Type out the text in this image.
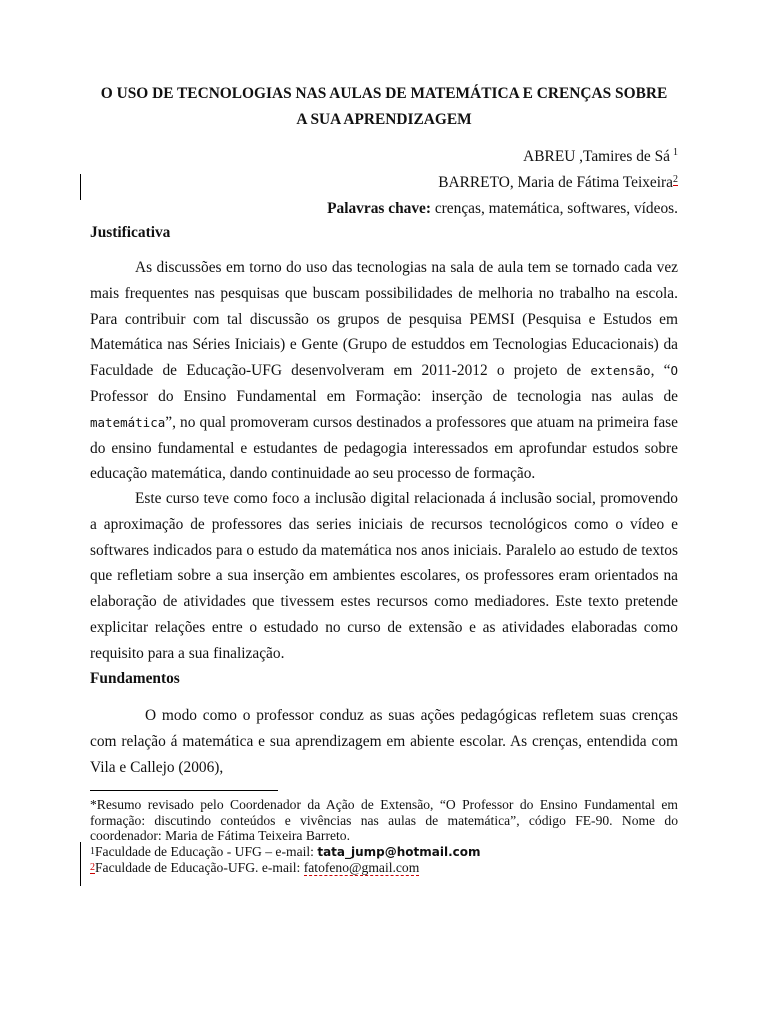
O USO DE TECNOLOGIAS NAS AULAS DE MATEMÁTICA E CRENÇAS SOBRE
A SUA APRENDIZAGEM
ABREU ,Tamires de Sá $^1$
BARRETO, Maria de Fátima Teixeira$^2$
Palavras chave: crenças, matemática, softwares, vídeos.
Justificativa

As discussões em torno do uso das tecnologias na sala de aula tem se tornado cada vez mais frequentes nas pesquisas que buscam possibilidades de melhoria no trabalho na escola. Para contribuir com tal discussão os grupos de pesquisa PEMSI (Pesquisa e Estudos em Matemática nas Séries Iniciais) e Gente (Grupo de estuddos em Tecnologias Educacionais) da Faculdade de Educação-UFG desenvolveram em 2011-2012 o projeto de extensão, “O Professor do Ensino Fundamental em Formação: inserção de tecnologia nas aulas de matemática”, no qual promoveram cursos destinados a professores que atuam na primeira fase do ensino fundamental e estudantes de pedagogia interessados em aprofundar estudos sobre educação matemática, dando continuidade ao seu processo de formação.

Este curso teve como foco a inclusão digital relacionada á inclusão social, promovendo a aproximação de professores das series iniciais de recursos tecnológicos como o vídeo e softwares indicados para o estudo da matemática nos anos iniciais. Paralelo ao estudo de textos que refletiam sobre a sua inserção em ambientes escolares, os professores eram orientados na elaboração de atividades que tivessem estes recursos como mediadores. Este texto pretende explicitar relações entre o estudado no curso de extensão e as atividades elaboradas como requisito para a sua finalização.

Fundamentos

O modo como o professor conduz as suas ações pedagógicas refletem suas crenças com relação á matemática e sua aprendizagem em abiente escolar. As crenças, entendida com Vila e Callejo (2006),

*Resumo revisado pelo Coordenador da Ação de Extensão, “O Professor do Ensino Fundamental em formação: discutindo conteúdos e vivências nas aulas de matemática”, código FE-90. Nome do coordenador: Maria de Fátima Teixeira Barreto.

$^1$Faculdade de Educação - UFG – e-mail: tata_jump@hotmail.com

$^2$Faculdade de Educação-UFG. e-mail: fatofeno@gmail.com
